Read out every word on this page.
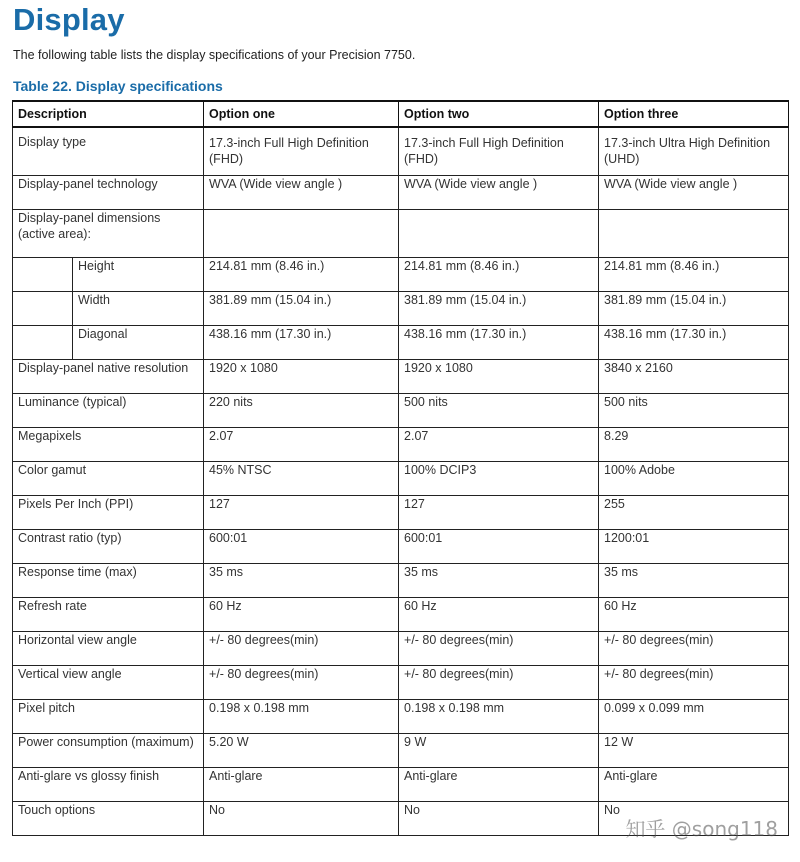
Display

The following table lists the display specifications of your Precision 7750.

Table 22. Display specifications

Description		Option one	Option two	Option three
Display type		17.3-inch Full High Definition (FHD)	17.3-inch Full High Definition (FHD)	17.3-inch Ultra High Definition (UHD)
Display-panel technology		WVA (Wide view angle )	WVA (Wide view angle )	WVA (Wide view angle )
Display-panel dimensions (active area):				
	Height	214.81 mm (8.46 in.)	214.81 mm (8.46 in.)	214.81 mm (8.46 in.)
	Width	381.89 mm (15.04 in.)	381.89 mm (15.04 in.)	381.89 mm (15.04 in.)
	Diagonal	438.16 mm (17.30 in.)	438.16 mm (17.30 in.)	438.16 mm (17.30 in.)
Display-panel native resolution		1920 x 1080	1920 x 1080	3840 x 2160
Luminance (typical)		220 nits	500 nits	500 nits
Megapixels		2.07	2.07	8.29
Color gamut		45% NTSC	100% DCIP3	100% Adobe
Pixels Per Inch (PPI)		127	127	255
Contrast ratio (typ)		600:01	600:01	1200:01
Response time (max)		35 ms	35 ms	35 ms
Refresh rate		60 Hz	60 Hz	60 Hz
Horizontal view angle		+/- 80 degrees(min)	+/- 80 degrees(min)	+/- 80 degrees(min)
Vertical view angle		+/- 80 degrees(min)	+/- 80 degrees(min)	+/- 80 degrees(min)
Pixel pitch		0.198 x 0.198 mm	0.198 x 0.198 mm	0.099 x 0.099 mm
Power consumption (maximum)		5.20 W	9 W	12 W
Anti-glare vs glossy finish		Anti-glare	Anti-glare	Anti-glare
Touch options		No	No	No
知乎 @song118
